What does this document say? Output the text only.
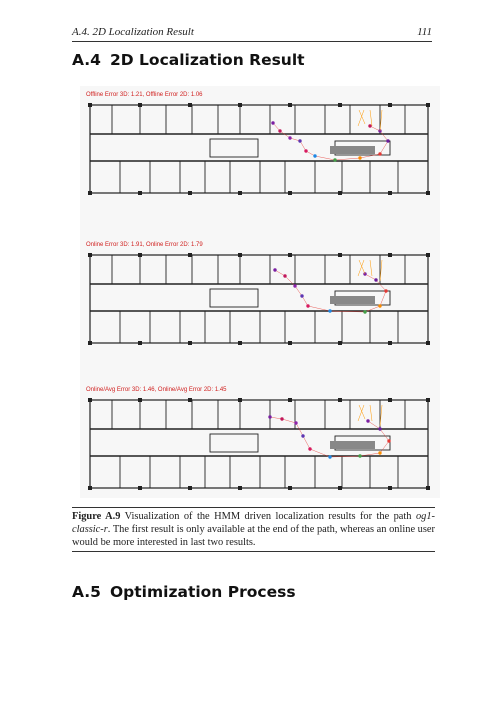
A.4. 2D Localization Result	111
A.4 2D Localization Result
Offline Error 3D: 1.21, Offline Error 2D: 1.06
Online Error 3D: 1.91, Online Error 2D: 1.79
Online/Avg Error 3D: 1.46, Online/Avg Error 2D: 1.45
Figure A.9 Visualization of the HMM driven localization results for the path og1-classic-r. The first result is only available at the end of the path, whereas an online user would be more interested in last two results.
A.5 Optimization Process
